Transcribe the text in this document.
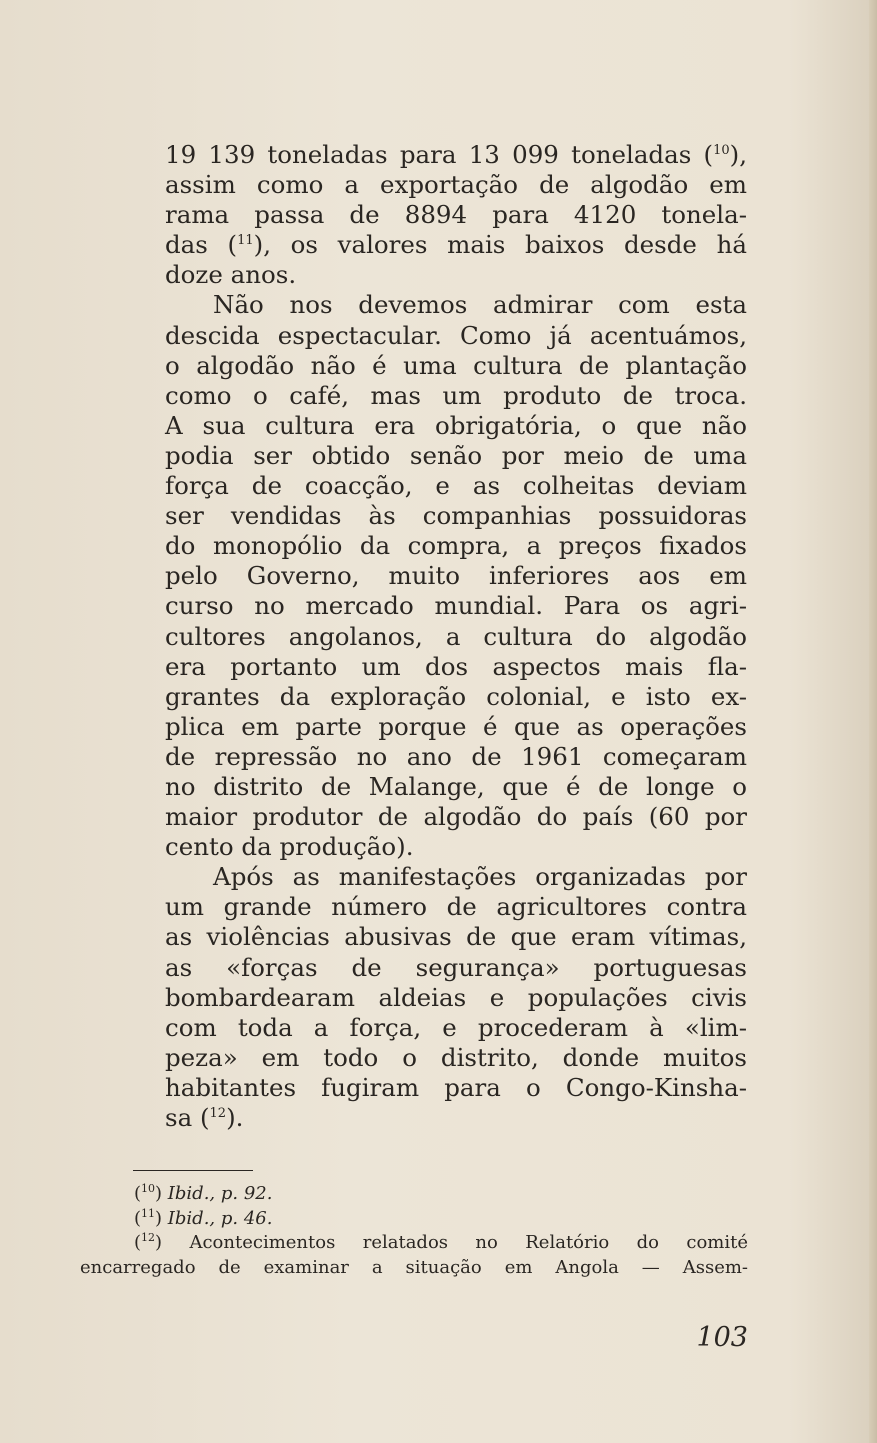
19 139 toneladas para 13 099 toneladas ($^{10}$),
assim como a exportação de algodão em
rama passa de 8894 para 4120 tonela-
das ($^{11}$), os valores mais baixos desde há
doze anos.
Não nos devemos admirar com esta
descida espectacular. Como já acentuámos,
o algodão não é uma cultura de plantação
como o café, mas um produto de troca.
A sua cultura era obrigatória, o que não
podia ser obtido senão por meio de uma
força de coacção, e as colheitas deviam
ser vendidas às companhias possuidoras
do monopólio da compra, a preços fixados
pelo Governo, muito inferiores aos em
curso no mercado mundial. Para os agri-
cultores angolanos, a cultura do algodão
era portanto um dos aspectos mais fla-
grantes da exploração colonial, e isto ex-
plica em parte porque é que as operações
de repressão no ano de 1961 começaram
no distrito de Malange, que é de longe o
maior produtor de algodão do país (60 por
cento da produção).
Após as manifestações organizadas por
um grande número de agricultores contra
as violências abusivas de que eram vítimas,
as «forças de segurança» portuguesas
bombardearam aldeias e populações civis
com toda a força, e procederam à «lim-
peza» em todo o distrito, donde muitos
habitantes fugiram para o Congo-Kinsha-
sa ($^{12}$).
($^{10}$) Ibid., p. 92.
($^{11}$) Ibid., p. 46.
($^{12}$) Acontecimentos relatados no Relatório do comité
encarregado de examinar a situação em Angola — Assem-
103
